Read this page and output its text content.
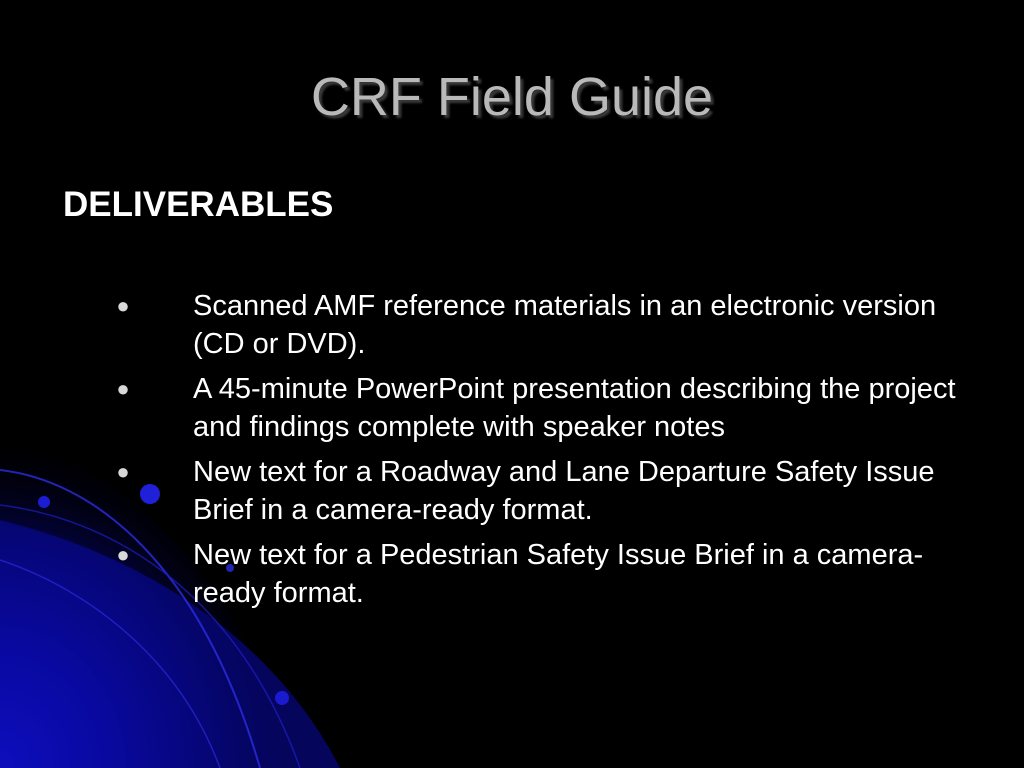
CRF Field Guide
DELIVERABLES
● Scanned AMF reference materials in an electronic version (CD or DVD).
● A 45-minute PowerPoint presentation describing the project and findings complete with speaker notes
● New text for a Roadway and Lane Departure Safety Issue Brief in a camera-ready format.
● New text for a Pedestrian Safety Issue Brief in a camera-ready format.
